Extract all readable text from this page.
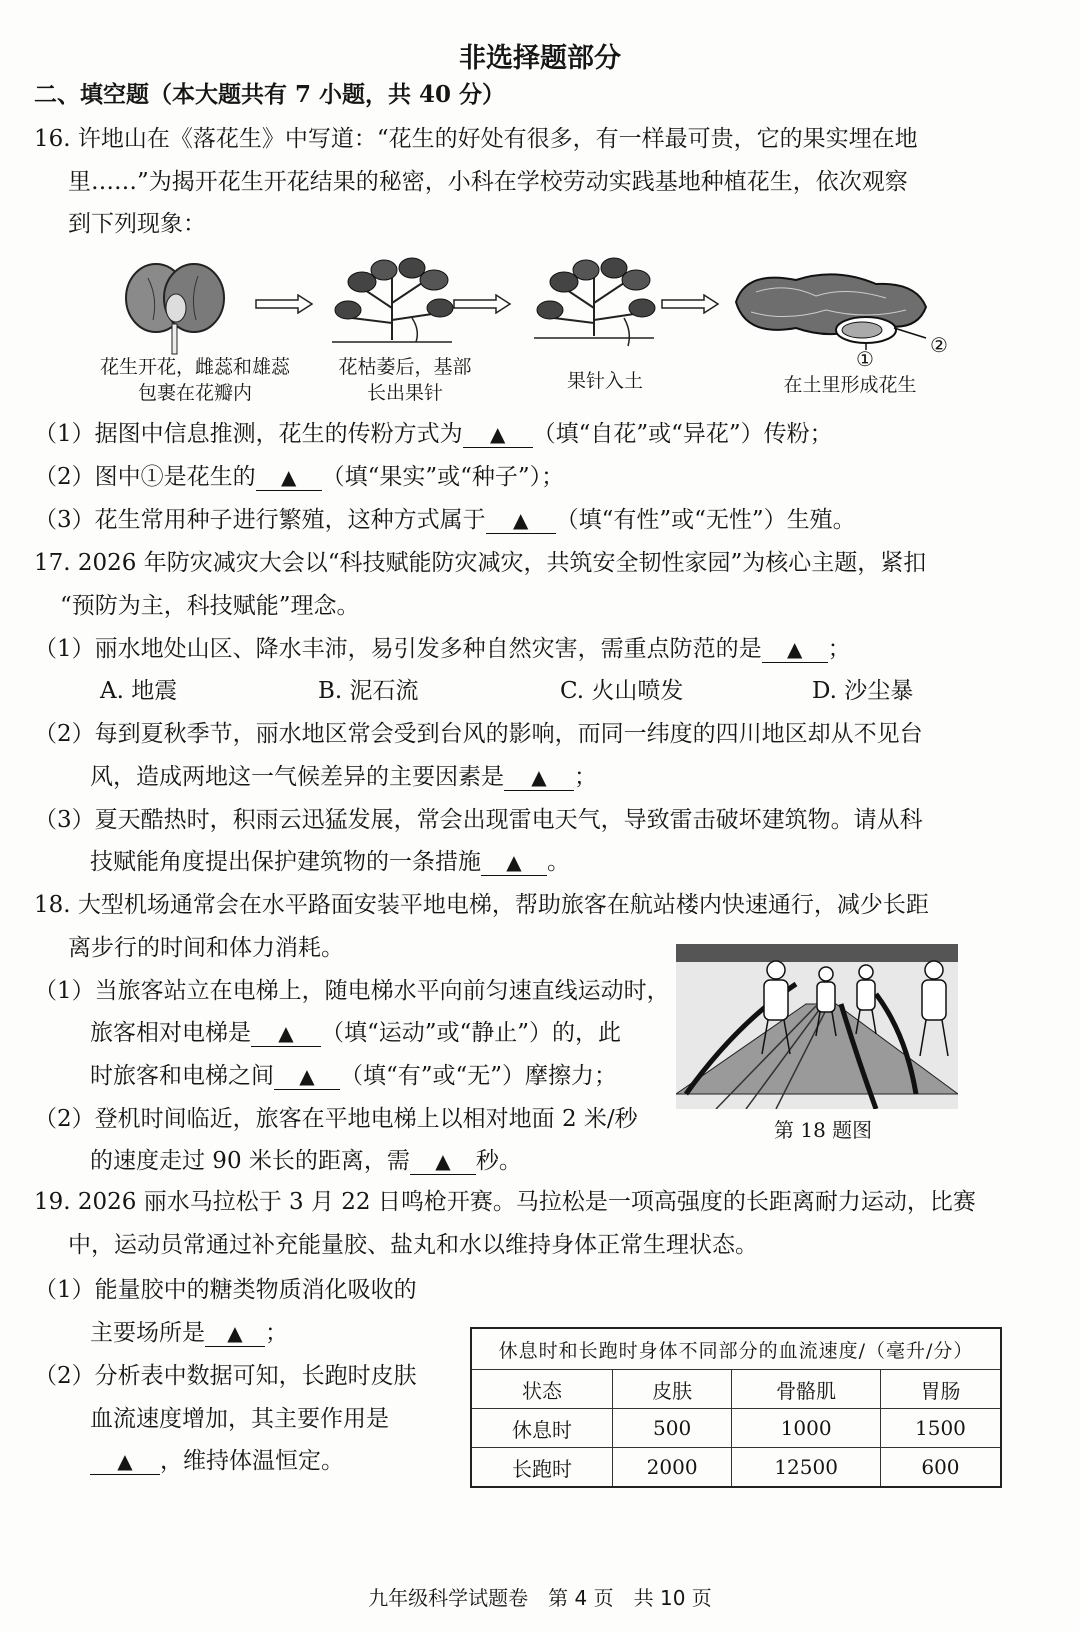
非选择题部分
二、填空题（本大题共有 7 小题，共 40 分）
16. 许地山在《落花生》中写道：“花生的好处有很多，有一样最可贵，它的果实埋在地
里……”为揭开花生开花结果的秘密，小科在学校劳动实践基地种植花生，依次观察
到下列现象：
①
②
花生开花，雌蕊和雄蕊包裹在花瓣内
花枯萎后，基部长出果针
果针入土	在土里形成花生
（1）据图中信息推测，花生的传粉方式为 ▲ （填“自花”或“异花”）传粉；
（2）图中①是花生的 ▲ （填“果实”或“种子”）；
（3）花生常用种子进行繁殖，这种方式属于 ▲ （填“有性”或“无性”）生殖。
17. 2026 年防灾减灾大会以“科技赋能防灾减灾，共筑安全韧性家园”为核心主题，紧扣
“预防为主，科技赋能”理念。
（1）丽水地处山区、降水丰沛，易引发多种自然灾害，需重点防范的是 ▲ ；
A. 地震	B. 泥石流	C. 火山喷发	D. 沙尘暴
（2）每到夏秋季节，丽水地区常会受到台风的影响，而同一纬度的四川地区却从不见台
风，造成两地这一气候差异的主要因素是 ▲ ；
（3）夏天酷热时，积雨云迅猛发展，常会出现雷电天气，导致雷击破坏建筑物。请从科
技赋能角度提出保护建筑物的一条措施 ▲ 。
18. 大型机场通常会在水平路面安装平地电梯，帮助旅客在航站楼内快速通行，减少长距
离步行的时间和体力消耗。
第 18 题图
（1）当旅客站立在电梯上，随电梯水平向前匀速直线运动时，
旅客相对电梯是 ▲ （填“运动”或“静止”）的，此
时旅客和电梯之间 ▲ （填“有”或“无”）摩擦力；
（2）登机时间临近，旅客在平地电梯上以相对地面 2 米/秒
的速度走过 90 米长的距离，需 ▲ 秒。
19. 2026 丽水马拉松于 3 月 22 日鸣枪开赛。马拉松是一项高强度的长距离耐力运动，比赛
中，运动员常通过补充能量胶、盐丸和水以维持身体正常生理状态。
（1）能量胶中的糖类物质消化吸收的
主要场所是 ▲ ；
（2）分析表中数据可知，长跑时皮肤
血流速度增加，其主要作用是
▲ ，维持体温恒定。
休息时和长跑时身体不同部分的血流速度/（毫升/分）			
状态	皮肤	骨骼肌	胃肠
休息时	500	1000	1500
长跑时	2000	12500	600
九年级科学试题卷　第 4 页　共 10 页
